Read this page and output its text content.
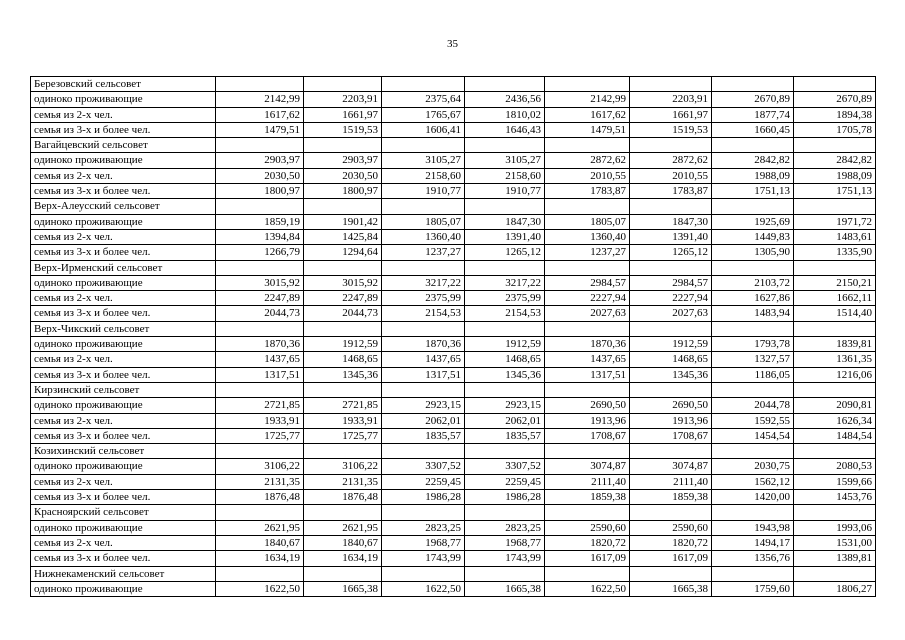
35
Березовский сельсовет								
одиноко проживающие	2142,99	2203,91	2375,64	2436,56	2142,99	2203,91	2670,89	2670,89
семья из 2-х чел.	1617,62	1661,97	1765,67	1810,02	1617,62	1661,97	1877,74	1894,38
семья из 3-х и более чел.	1479,51	1519,53	1606,41	1646,43	1479,51	1519,53	1660,45	1705,78
Вагайцевский сельсовет								
одиноко проживающие	2903,97	2903,97	3105,27	3105,27	2872,62	2872,62	2842,82	2842,82
семья из 2-х чел.	2030,50	2030,50	2158,60	2158,60	2010,55	2010,55	1988,09	1988,09
семья из 3-х и более чел.	1800,97	1800,97	1910,77	1910,77	1783,87	1783,87	1751,13	1751,13
Верх-Алеусский сельсовет								
одиноко проживающие	1859,19	1901,42	1805,07	1847,30	1805,07	1847,30	1925,69	1971,72
семья из 2-х чел.	1394,84	1425,84	1360,40	1391,40	1360,40	1391,40	1449,83	1483,61
семья из 3-х и более чел.	1266,79	1294,64	1237,27	1265,12	1237,27	1265,12	1305,90	1335,90
Верх-Ирменский сельсовет								
одиноко проживающие	3015,92	3015,92	3217,22	3217,22	2984,57	2984,57	2103,72	2150,21
семья из 2-х чел.	2247,89	2247,89	2375,99	2375,99	2227,94	2227,94	1627,86	1662,11
семья из 3-х и более чел.	2044,73	2044,73	2154,53	2154,53	2027,63	2027,63	1483,94	1514,40
Верх-Чикский сельсовет								
одиноко проживающие	1870,36	1912,59	1870,36	1912,59	1870,36	1912,59	1793,78	1839,81
семья из 2-х чел.	1437,65	1468,65	1437,65	1468,65	1437,65	1468,65	1327,57	1361,35
семья из 3-х и более чел.	1317,51	1345,36	1317,51	1345,36	1317,51	1345,36	1186,05	1216,06
Кирзинский сельсовет								
одиноко проживающие	2721,85	2721,85	2923,15	2923,15	2690,50	2690,50	2044,78	2090,81
семья из 2-х чел.	1933,91	1933,91	2062,01	2062,01	1913,96	1913,96	1592,55	1626,34
семья из 3-х и более чел.	1725,77	1725,77	1835,57	1835,57	1708,67	1708,67	1454,54	1484,54
Козихинский сельсовет								
одиноко проживающие	3106,22	3106,22	3307,52	3307,52	3074,87	3074,87	2030,75	2080,53
семья из 2-х чел.	2131,35	2131,35	2259,45	2259,45	2111,40	2111,40	1562,12	1599,66
семья из 3-х и более чел.	1876,48	1876,48	1986,28	1986,28	1859,38	1859,38	1420,00	1453,76
Красноярский сельсовет								
одиноко проживающие	2621,95	2621,95	2823,25	2823,25	2590,60	2590,60	1943,98	1993,06
семья из 2-х чел.	1840,67	1840,67	1968,77	1968,77	1820,72	1820,72	1494,17	1531,00
семья из 3-х и более чел.	1634,19	1634,19	1743,99	1743,99	1617,09	1617,09	1356,76	1389,81
Нижнекаменский сельсовет								
одиноко проживающие	1622,50	1665,38	1622,50	1665,38	1622,50	1665,38	1759,60	1806,27
